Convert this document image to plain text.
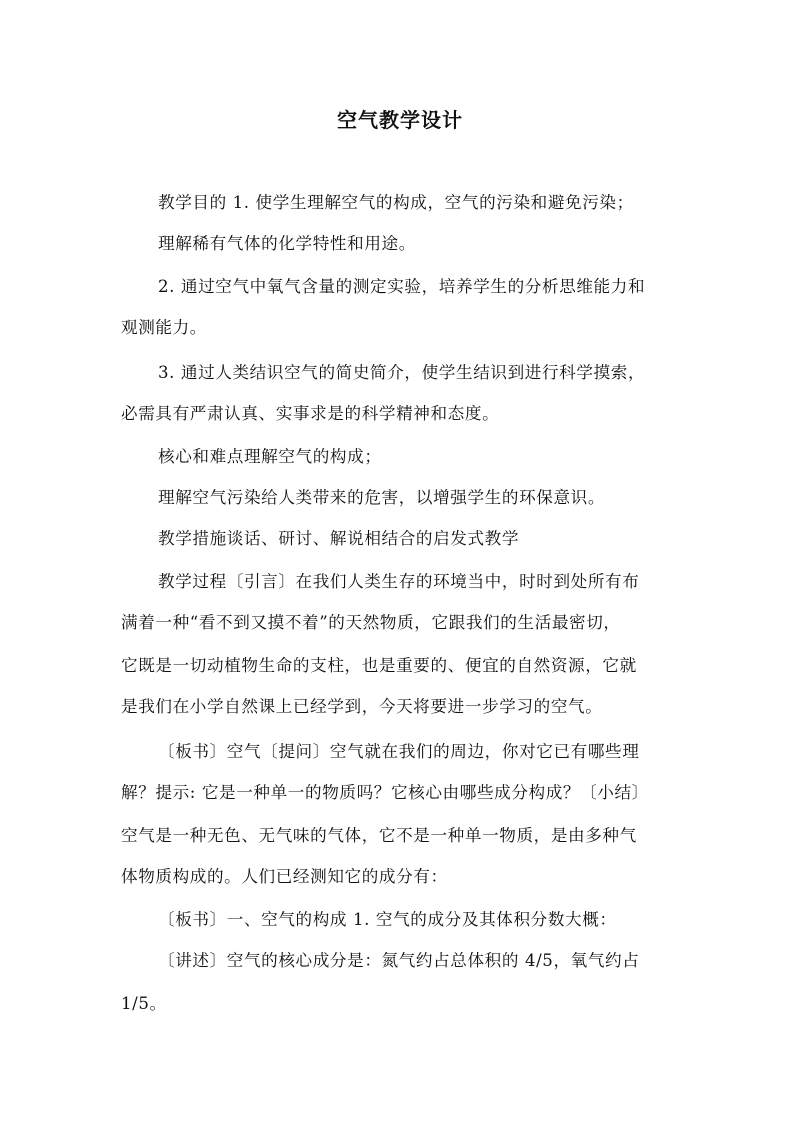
空气教学设计
教学目的 1. 使学生理解空气的构成，空气的污染和避免污染；
理解稀有气体的化学特性和用途。
2. 通过空气中氧气含量的测定实验，培养学生的分析思维能力和
观测能力。
3. 通过人类结识空气的简史简介，使学生结识到进行科学摸索，
必需具有严肃认真、实事求是的科学精神和态度。
核心和难点理解空气的构成；
理解空气污染给人类带来的危害，以增强学生的环保意识。
教学措施谈话、研讨、解说相结合的启发式教学
教学过程〔引言〕在我们人类生存的环境当中，时时到处所有布
满着一种“看不到又摸不着”的天然物质，它跟我们的生活最密切，
它既是一切动植物生命的支柱，也是重要的、便宜的自然资源，它就
是我们在小学自然课上已经学到，今天将要进一步学习的空气。
〔板书〕空气〔提问〕空气就在我们的周边，你对它已有哪些理
解？提示: 它是一种单一的物质吗？它核心由哪些成分构成？〔小结〕
空气是一种无色、无气味的气体，它不是一种单一物质，是由多种气
体物质构成的。人们已经测知它的成分有：
〔板书〕一、空气的构成 1. 空气的成分及其体积分数大概：
〔讲述〕空气的核心成分是：氮气约占总体积的 4/5，氧气约占
1/5。
